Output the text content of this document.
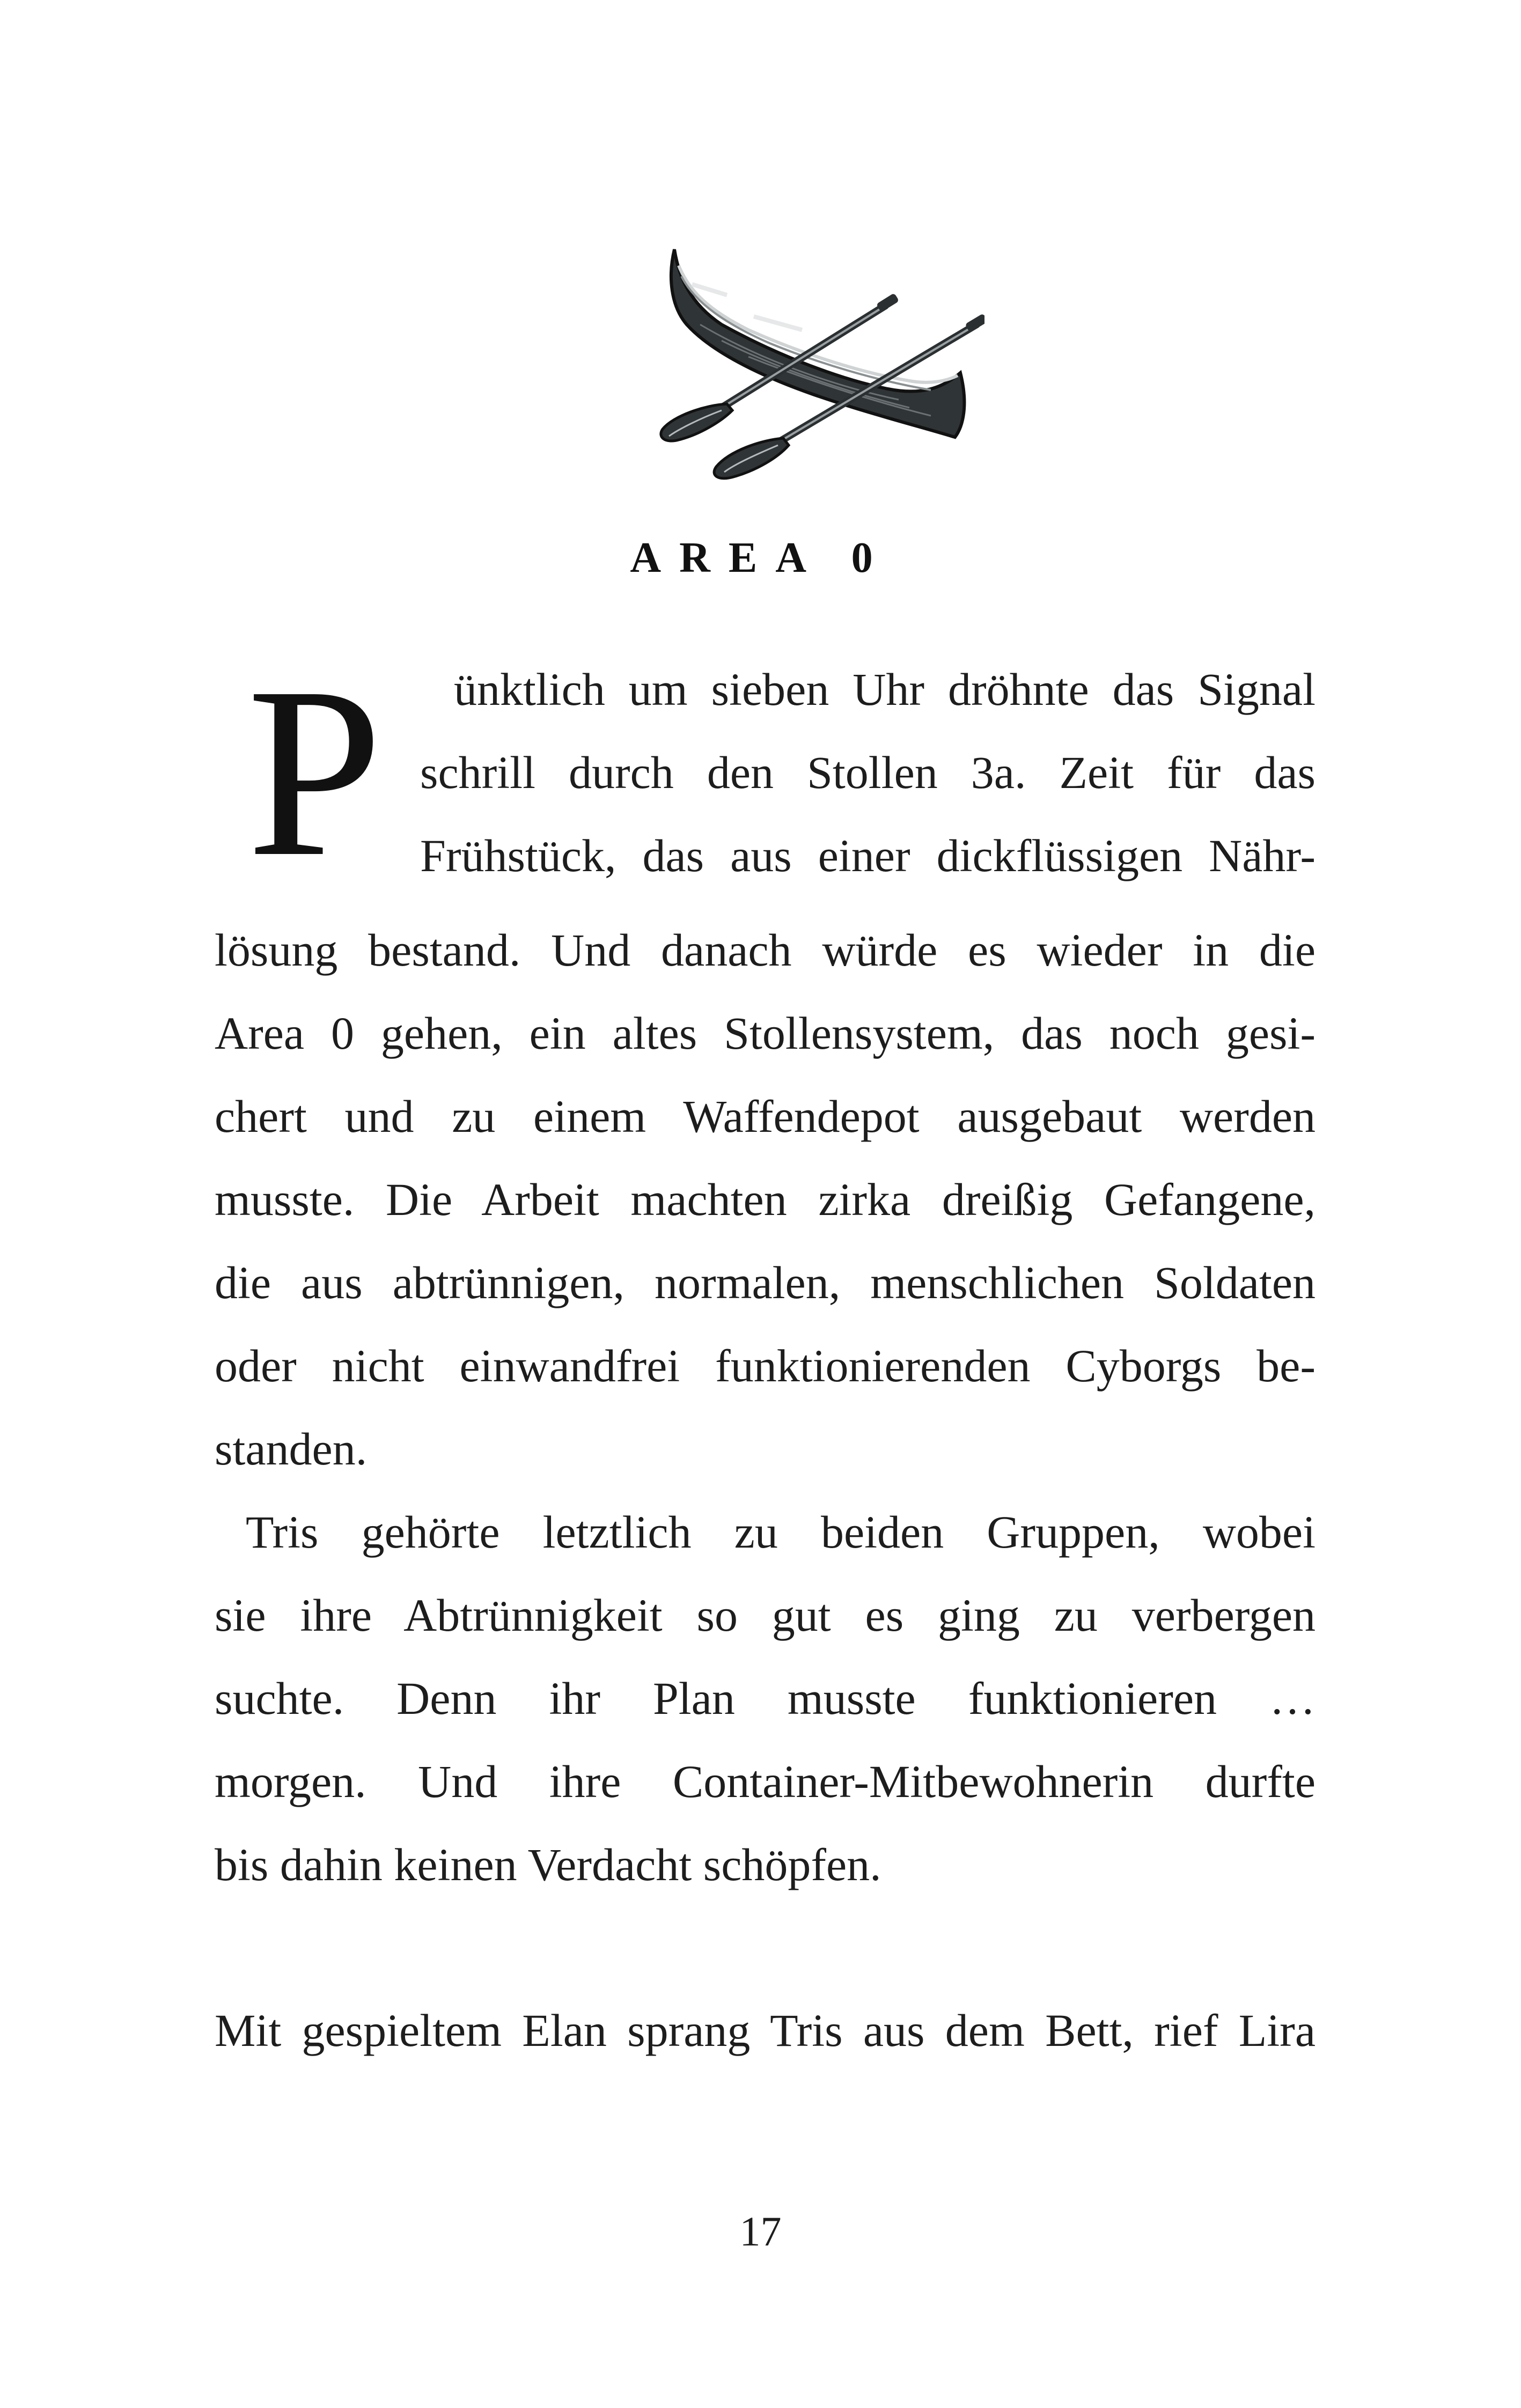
AREA 0
P ünktlich um sieben Uhr dröhnte das Signal
schrill durch den Stollen 3a. Zeit für das
Frühstück, das aus einer dickflüssigen Nähr-
lösung bestand. Und danach würde es wieder in die
Area 0 gehen, ein altes Stollensystem, das noch gesi-
chert und zu einem Waffendepot ausgebaut werden
musste. Die Arbeit machten zirka dreißig Gefangene,
die aus abtrünnigen, normalen, menschlichen Soldaten
oder nicht einwandfrei funktionierenden Cyborgs be-
standen.
Tris gehörte letztlich zu beiden Gruppen, wobei
sie ihre Abtrünnigkeit so gut es ging zu verbergen
suchte. Denn ihr Plan musste funktionieren …
morgen. Und ihre Container-Mitbewohnerin durfte
bis dahin keinen Verdacht schöpfen.
Mit gespieltem Elan sprang Tris aus dem Bett, rief Lira
17
